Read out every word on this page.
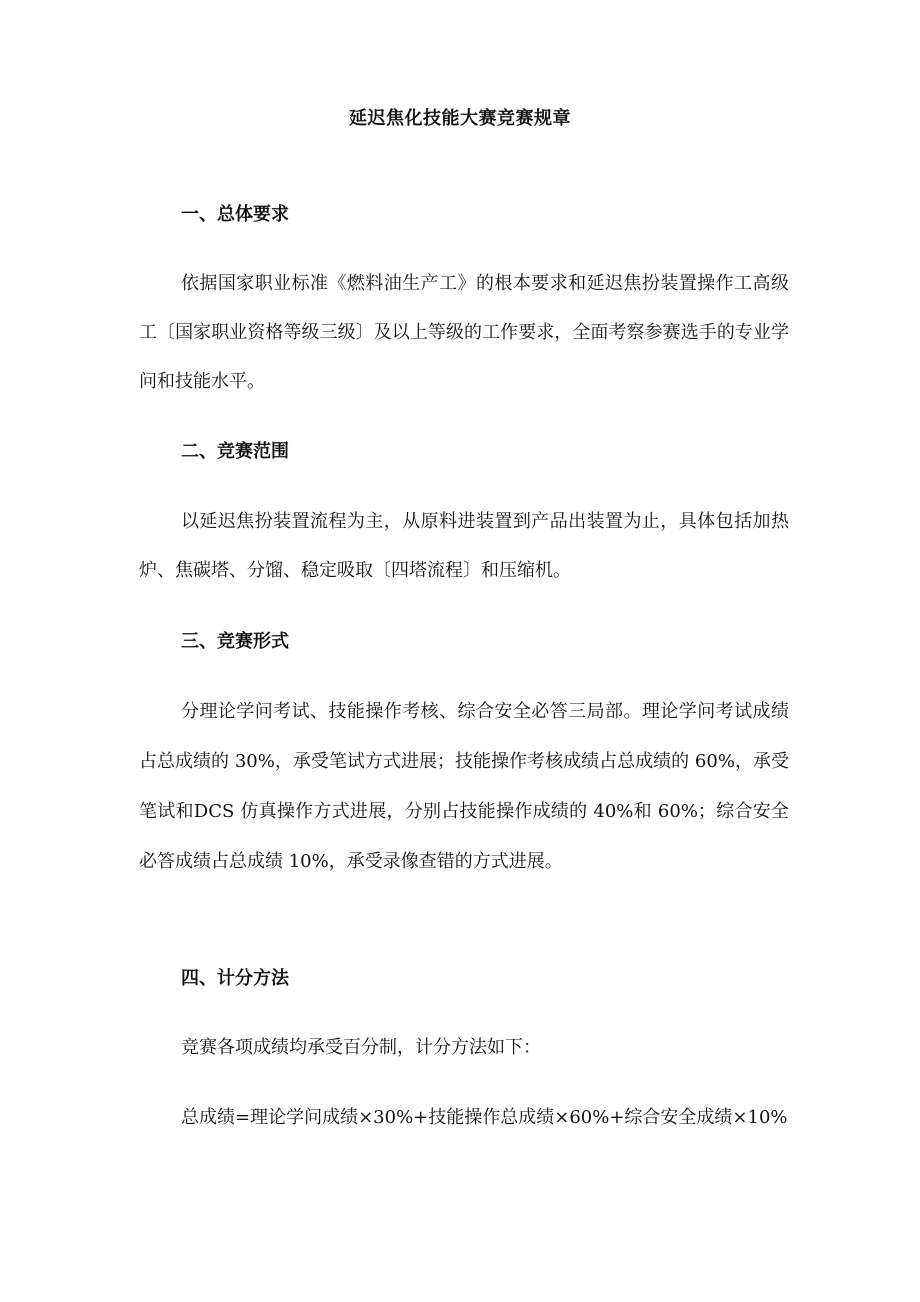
延迟焦化技能大赛竞赛规章
一、总体要求

依据国家职业标准《燃料油生产工》的根本要求和延迟焦扮装置操作工高级工〔国家职业资格等级三级〕及以上等级的工作要求，全面考察参赛选手的专业学问和技能水平。

二、竞赛范围

以延迟焦扮装置流程为主，从原料进装置到产品出装置为止，具体包括加热炉、焦碳塔、分馏、稳定吸取〔四塔流程〕和压缩机。

三、竞赛形式

分理论学问考试、技能操作考核、综合安全必答三局部。理论学问考试成绩占总成绩的 30%，承受笔试方式进展；技能操作考核成绩占总成绩的 60%，承受笔试和DCS 仿真操作方式进展，分别占技能操作成绩的 40%和 60%；综合安全必答成绩占总成绩 10%，承受录像查错的方式进展。

四、计分方法

竞赛各项成绩均承受百分制，计分方法如下：

总成绩=理论学问成绩×30%+技能操作总成绩×60%+综合安全成绩×10%
